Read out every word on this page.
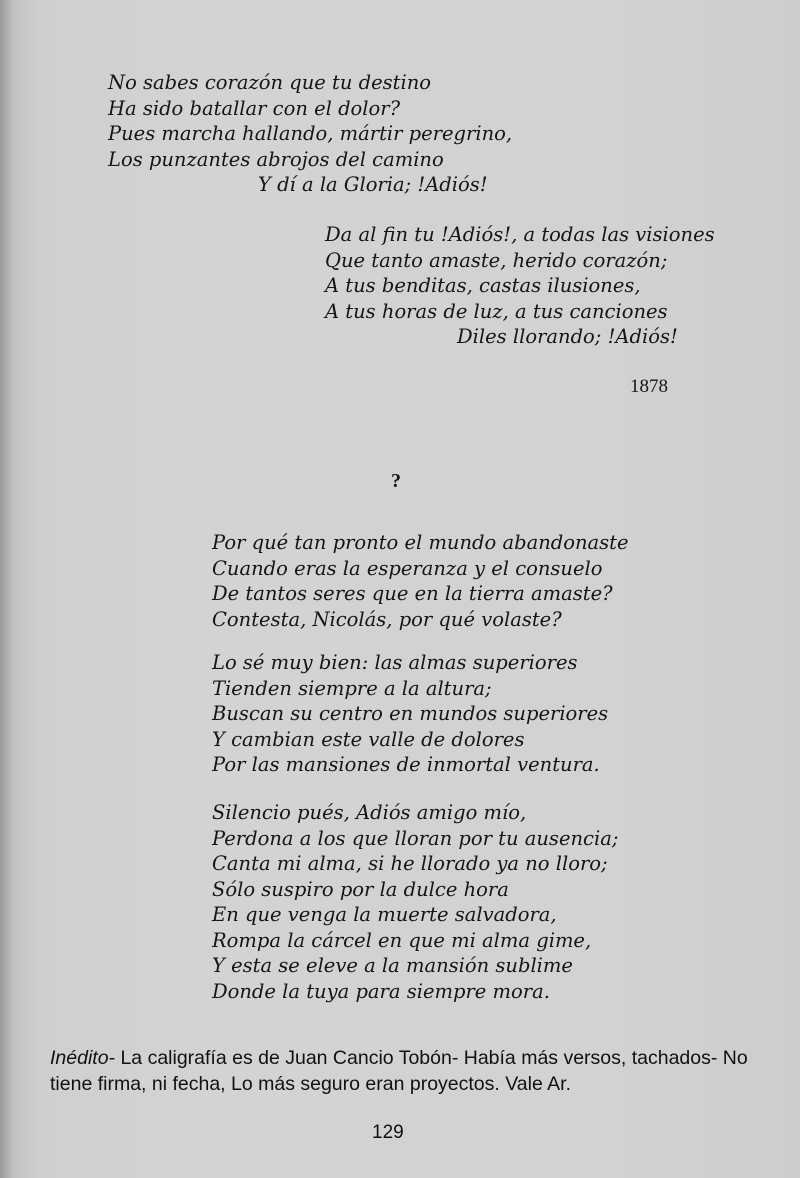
No sabes corazón que tu destino
Ha sido batallar con el dolor?
Pues marcha hallando, mártir peregrino,
Los punzantes abrojos del camino
Y dí a la Gloria; !Adiós!
Da al fin tu !Adiós!, a todas las visiones
Que tanto amaste, herido corazón;
A tus benditas, castas ilusiones,
A tus horas de luz, a tus canciones
Diles llorando; !Adiós!
1878
?
Por qué tan pronto el mundo abandonaste
Cuando eras la esperanza y el consuelo
De tantos seres que en la tierra amaste?
Contesta, Nicolás, por qué volaste?
Lo sé muy bien: las almas superiores
Tienden siempre a la altura;
Buscan su centro en mundos superiores
Y cambian este valle de dolores
Por las mansiones de inmortal ventura.
Silencio pués, Adiós amigo mío,
Perdona a los que lloran por tu ausencia;
Canta mi alma, si he llorado ya no lloro;
Sólo suspiro por la dulce hora
En que venga la muerte salvadora,
Rompa la cárcel en que mi alma gime,
Y esta se eleve a la mansión sublime
Donde la tuya para siempre mora.
Inédito- La caligrafía es de Juan Cancio Tobón- Había más versos, tachados- No tiene firma, ni fecha, Lo más seguro eran proyectos. Vale Ar.
129
